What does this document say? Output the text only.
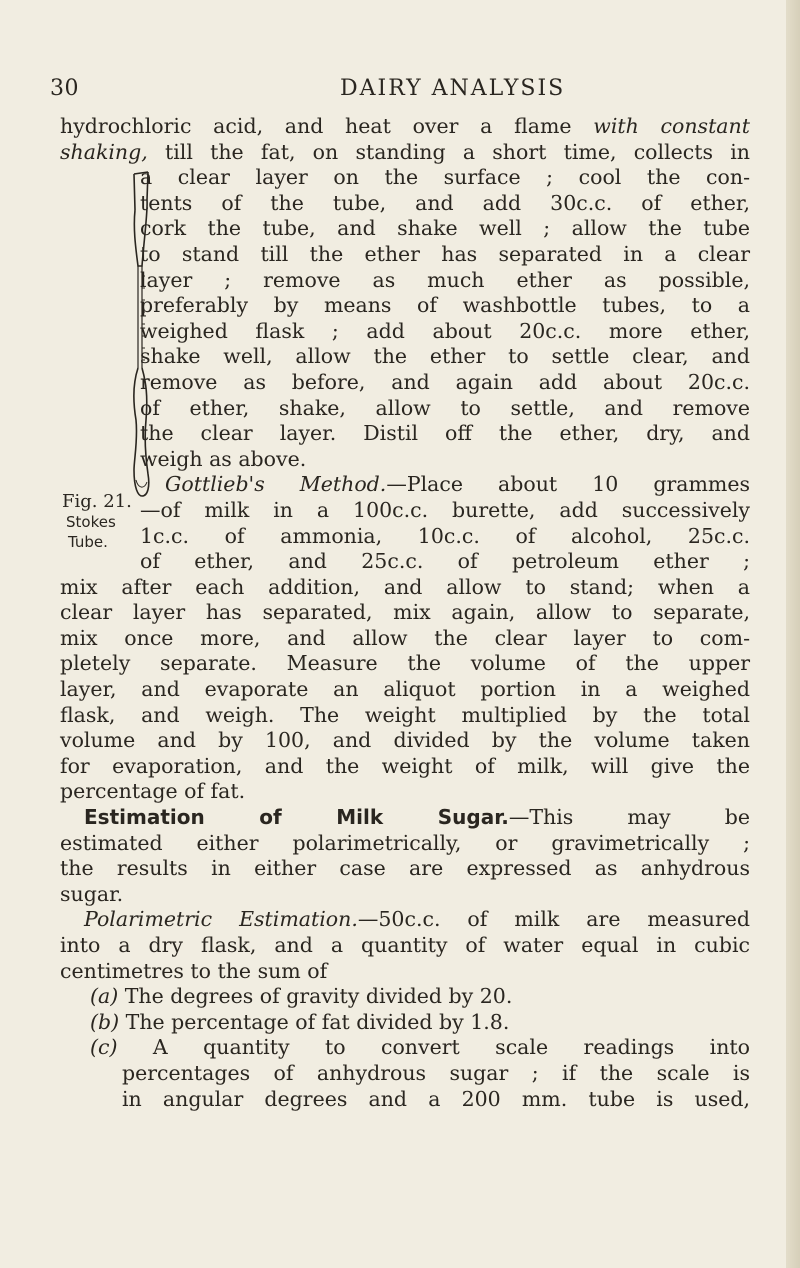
30	DAIRY ANALYSIS
Fig. 21.
Stokes
Tube.
hydrochloric acid, and heat over a flame with constant
shaking, till the fat, on standing a short time, collects in
a clear layer on the surface ; cool the con-
tents of the tube, and add 30c.c. of ether,
cork the tube, and shake well ; allow the tube
to stand till the ether has separated in a clear
layer ; remove as much ether as possible,
preferably by means of washbottle tubes, to a
weighed flask ; add about 20c.c. more ether,
shake well, allow the ether to settle clear, and
remove as before, and again add about 20c.c.
of ether, shake, allow to settle, and remove
the clear layer. Distil off the ether, dry, and
weigh as above.
Gottlieb's Method.—Place about 10 grammes
—of milk in a 100c.c. burette, add successively
1c.c. of ammonia, 10c.c. of alcohol, 25c.c.
of ether, and 25c.c. of petroleum ether ;
mix after each addition, and allow to stand; when a
clear layer has separated, mix again, allow to separate,
mix once more, and allow the clear layer to com-
pletely separate. Measure the volume of the upper
layer, and evaporate an aliquot portion in a weighed
flask, and weigh. The weight multiplied by the total
volume and by 100, and divided by the volume taken
for evaporation, and the weight of milk, will give the
percentage of fat.
Estimation of Milk Sugar.—This may be
estimated either polarimetrically, or gravimetrically ;
the results in either case are expressed as anhydrous
sugar.
Polarimetric Estimation.—50c.c. of milk are measured
into a dry flask, and a quantity of water equal in cubic
centimetres to the sum of
(a) The degrees of gravity divided by 20.
(b) The percentage of fat divided by 1.8.
(c) A quantity to convert scale readings into
percentages of anhydrous sugar ; if the scale is
in angular degrees and a 200 mm. tube is used,
